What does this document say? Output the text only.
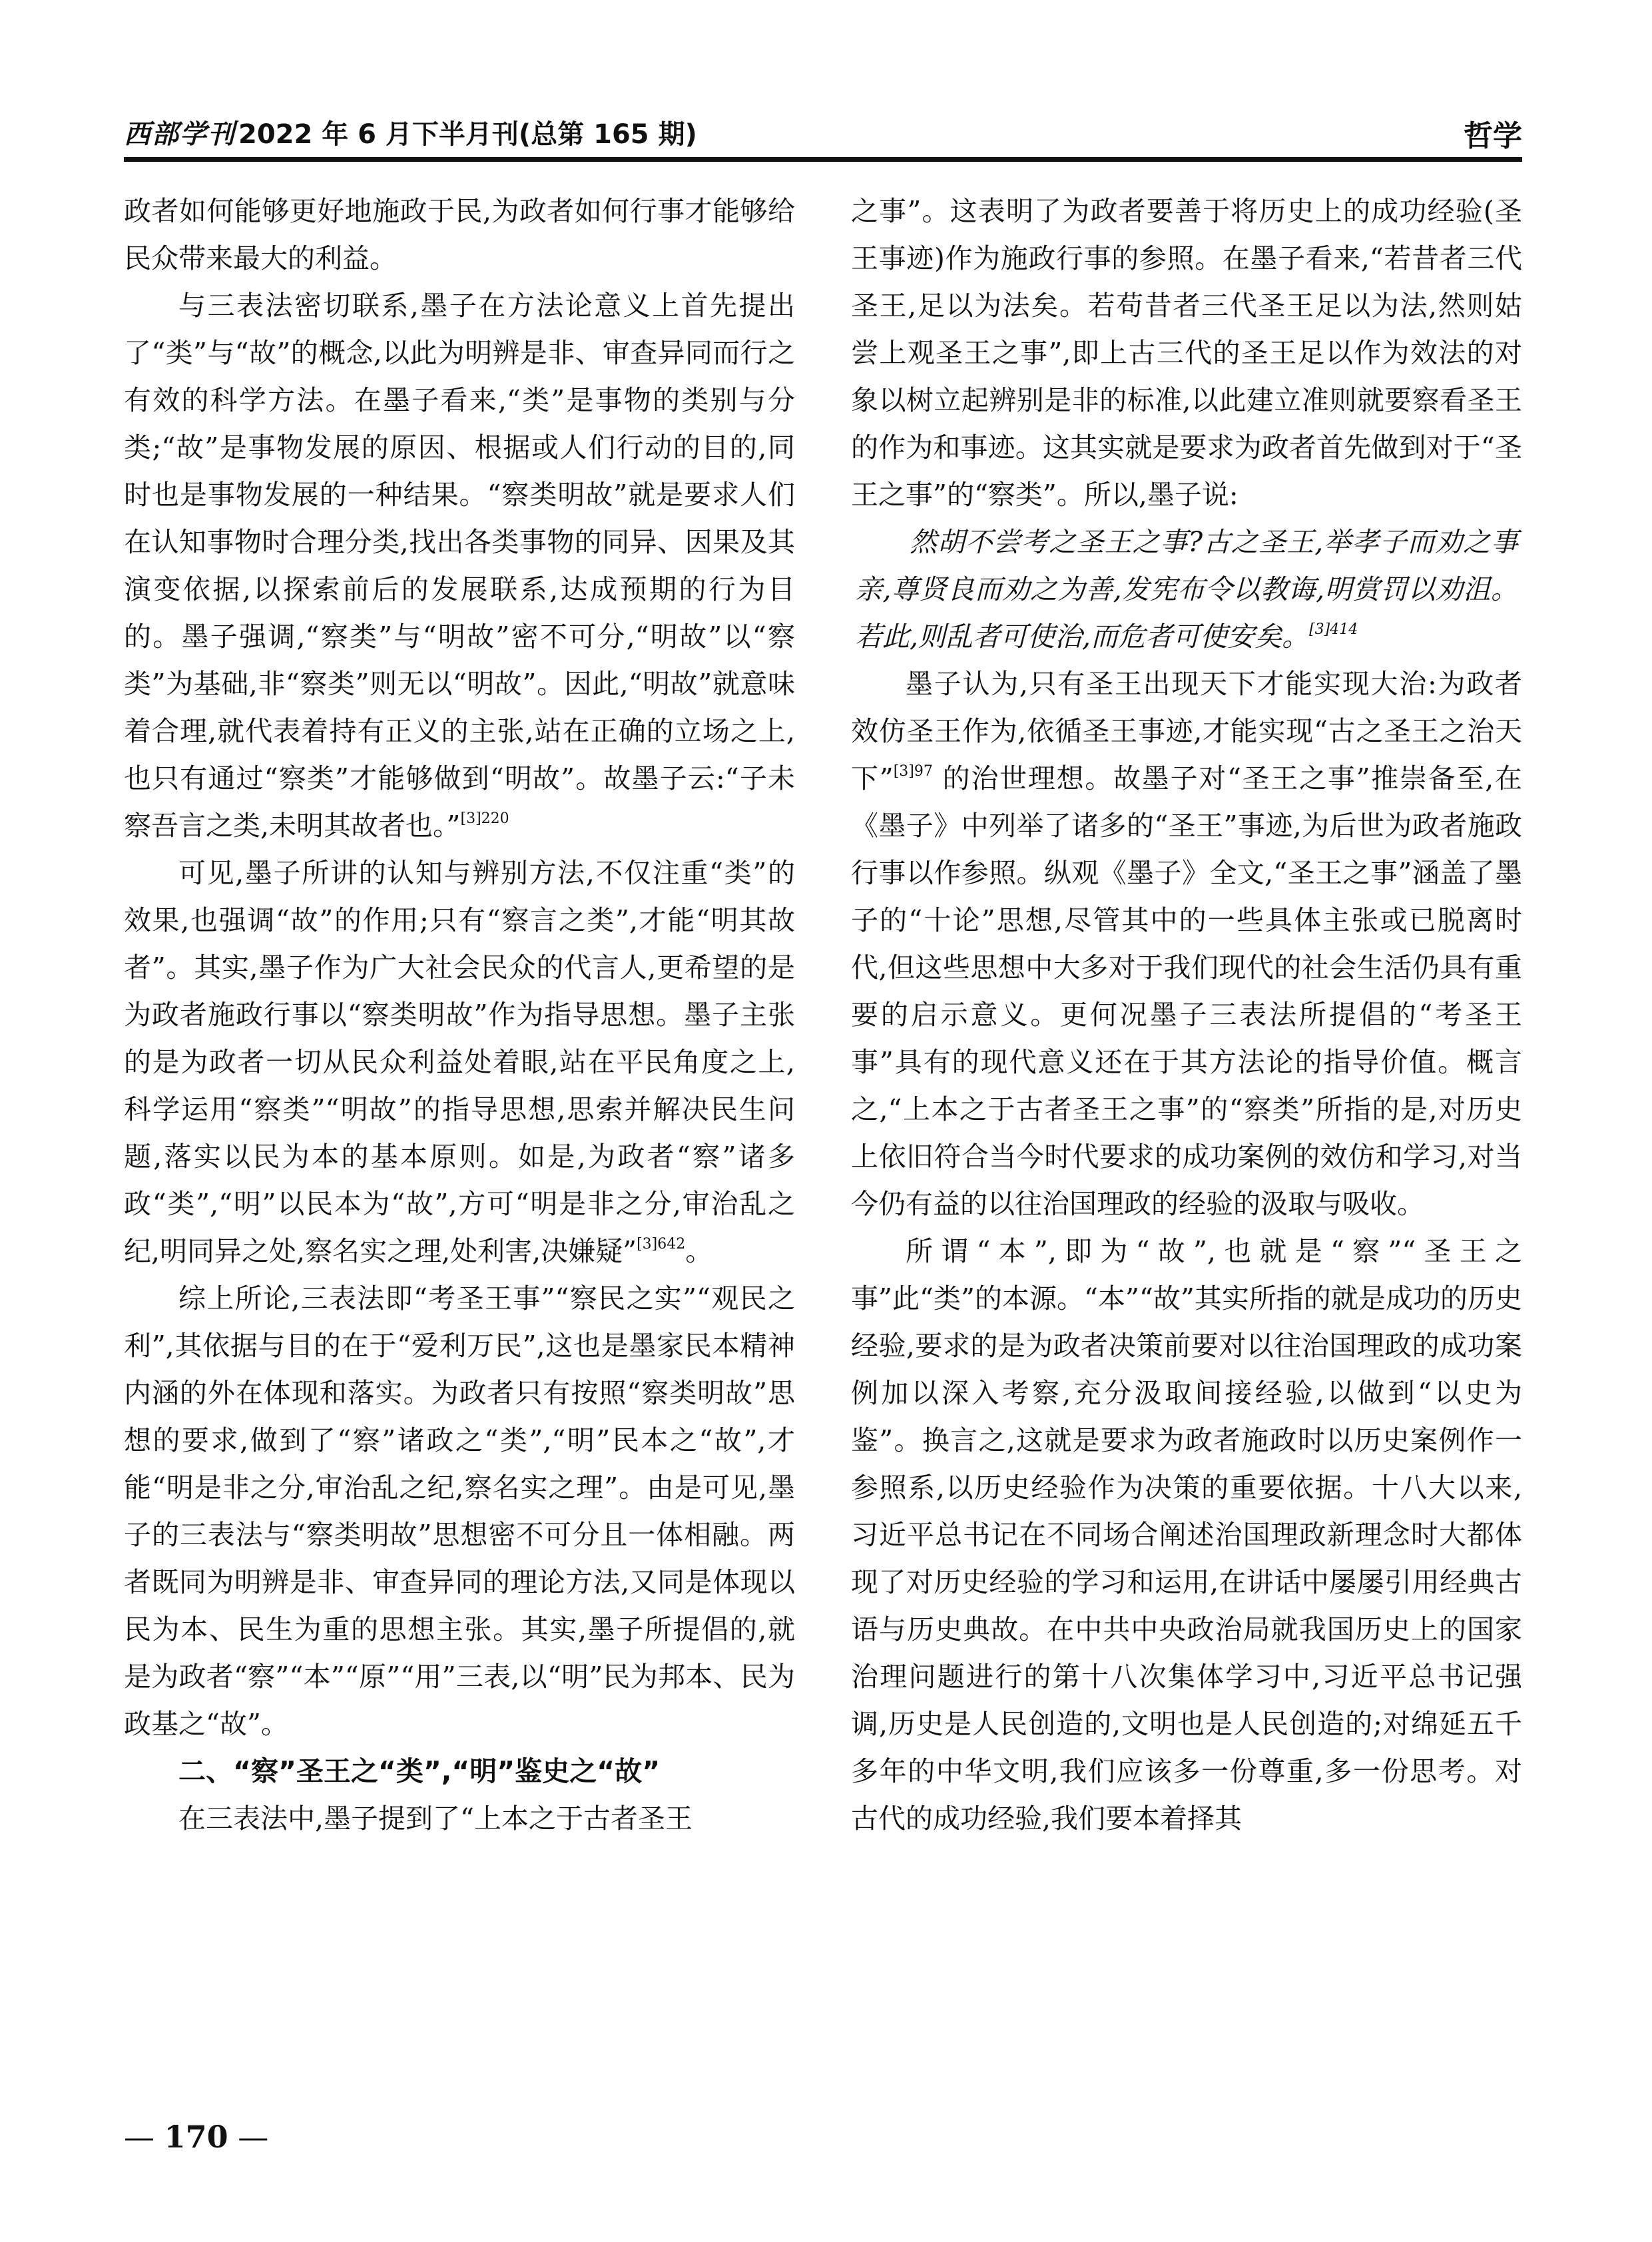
西部学刊 2022 年 6 月下半月刊(总第 165 期)	哲学

政者如何能够更好地施政于民,为政者如何行事才能够给民众带来最大的利益。

与三表法密切联系,墨子在方法论意义上首先提出了“类”与“故”的概念,以此为明辨是非、审查异同而行之有效的科学方法。在墨子看来,“类”是事物的类别与分类;“故”是事物发展的原因、根据或人们行动的目的,同时也是事物发展的一种结果。“察类明故”就是要求人们在认知事物时合理分类,找出各类事物的同异、因果及其演变依据,以探索前后的发展联系,达成预期的行为目的。墨子强调,“察类”与“明故”密不可分,“明故”以“察类”为基础,非“察类”则无以“明故”。因此,“明故”就意味着合理,就代表着持有正义的主张,站在正确的立场之上,也只有通过“察类”才能够做到“明故”。故墨子云:“子未察吾言之类,未明其故者也。”$^{[3]220}$

可见,墨子所讲的认知与辨别方法,不仅注重“类”的效果,也强调“故”的作用;只有“察言之类”,才能“明其故者”。其实,墨子作为广大社会民众的代言人,更希望的是为政者施政行事以“察类明故”作为指导思想。墨子主张的是为政者一切从民众利益处着眼,站在平民角度之上,科学运用“察类”“明故”的指导思想,思索并解决民生问题,落实以民为本的基本原则。如是,为政者“察”诸多政“类”,“明”以民本为“故”,方可“明是非之分,审治乱之纪,明同异之处,察名实之理,处利害,决嫌疑”$^{[3]642}$。

综上所论,三表法即“考圣王事”“察民之实”“观民之利”,其依据与目的在于“爱利万民”,这也是墨家民本精神内涵的外在体现和落实。为政者只有按照“察类明故”思想的要求,做到了“察”诸政之“类”,“明”民本之“故”,才能“明是非之分,审治乱之纪,察名实之理”。由是可见,墨子的三表法与“察类明故”思想密不可分且一体相融。两者既同为明辨是非、审查异同的理论方法,又同是体现以民为本、民生为重的思想主张。其实,墨子所提倡的,就是为政者“察”“本”“原”“用”三表,以“明”民为邦本、民为政基之“故”。

二、“察”圣王之“类”,“明”鉴史之“故”

在三表法中,墨子提到了“上本之于古者圣王

之事”。这表明了为政者要善于将历史上的成功经验(圣王事迹)作为施政行事的参照。在墨子看来,“若昔者三代圣王,足以为法矣。若苟昔者三代圣王足以为法,然则姑尝上观圣王之事”,即上古三代的圣王足以作为效法的对象以树立起辨别是非的标准,以此建立准则就要察看圣王的作为和事迹。这其实就是要求为政者首先做到对于“圣王之事”的“察类”。所以,墨子说:

然胡不尝考之圣王之事?古之圣王,举孝子而劝之事亲,尊贤良而劝之为善,发宪布令以教诲,明赏罚以劝沮。若此,则乱者可使治,而危者可使安矣。$^{[3]414}$

墨子认为,只有圣王出现天下才能实现大治:为政者效仿圣王作为,依循圣王事迹,才能实现“古之圣王之治天下”$^{[3]97}$ 的治世理想。故墨子对“圣王之事”推崇备至,在《墨子》中列举了诸多的“圣王”事迹,为后世为政者施政行事以作参照。纵观《墨子》全文,“圣王之事”涵盖了墨子的“十论”思想,尽管其中的一些具体主张或已脱离时代,但这些思想中大多对于我们现代的社会生活仍具有重要的启示意义。更何况墨子三表法所提倡的“考圣王事”具有的现代意义还在于其方法论的指导价值。概言之,“上本之于古者圣王之事”的“察类”所指的是,对历史上依旧符合当今时代要求的成功案例的效仿和学习,对当今仍有益的以往治国理政的经验的汲取与吸收。

所谓“本”,即为“故”,也就是“察”“圣王之事”此“类”的本源。“本”“故”其实所指的就是成功的历史经验,要求的是为政者决策前要对以往治国理政的成功案例加以深入考察,充分汲取间接经验,以做到“以史为鉴”。换言之,这就是要求为政者施政时以历史案例作一参照系,以历史经验作为决策的重要依据。十八大以来,习近平总书记在不同场合阐述治国理政新理念时大都体现了对历史经验的学习和运用,在讲话中屡屡引用经典古语与历史典故。在中共中央政治局就我国历史上的国家治理问题进行的第十八次集体学习中,习近平总书记强调,历史是人民创造的,文明也是人民创造的;对绵延五千多年的中华文明,我们应该多一份尊重,多一份思考。对古代的成功经验,我们要本着择其

— 170 —
